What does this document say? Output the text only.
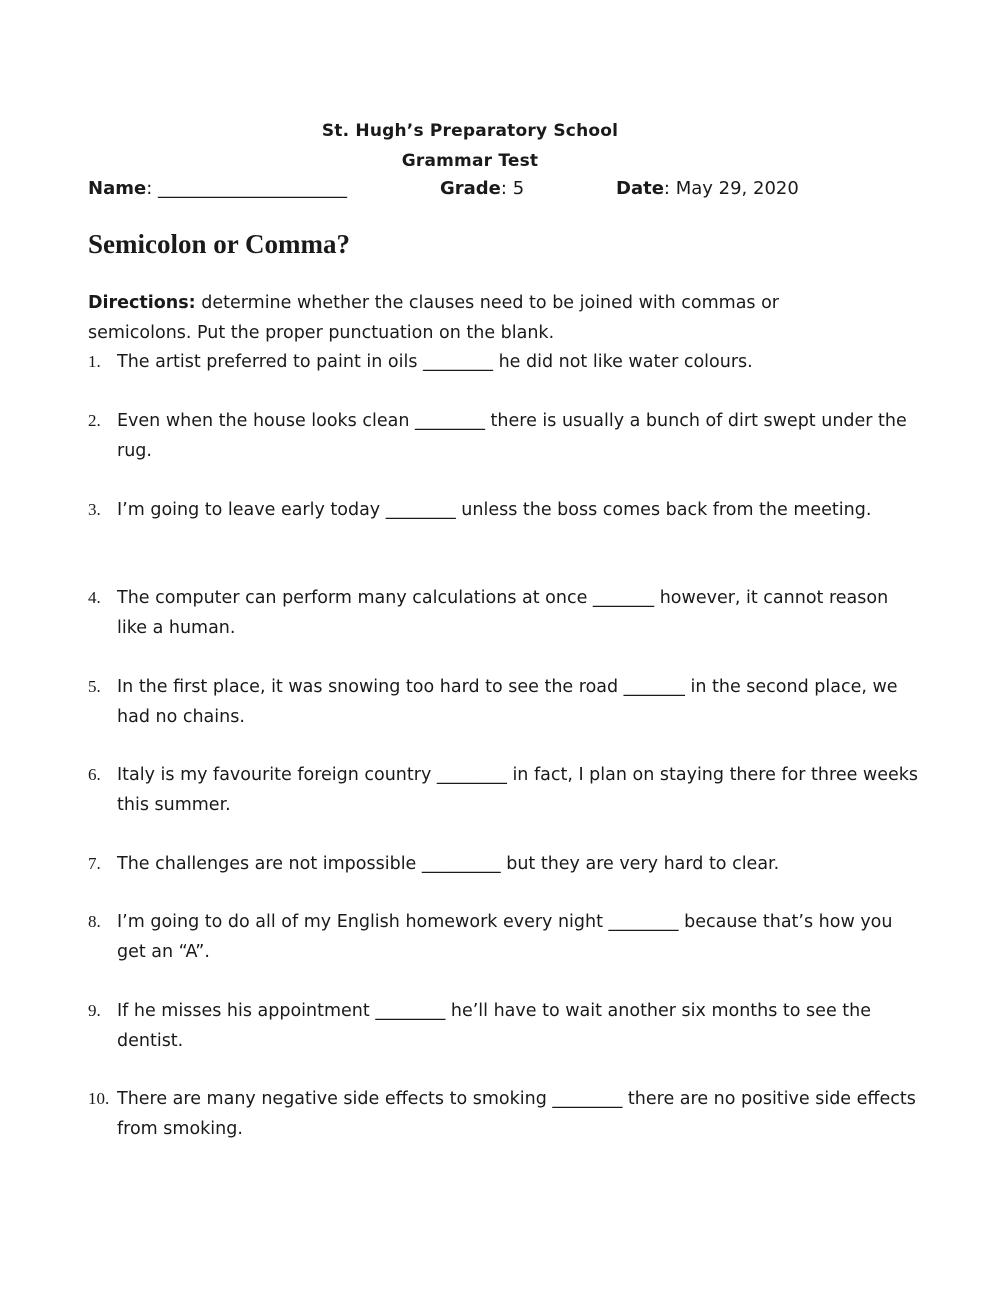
St. Hugh’s Preparatory School
Grammar Test
Name: _____________________	Grade: 5	Date: May 29, 2020
Semicolon or Comma?
Directions: determine whether the clauses need to be joined with commas or semicolons. Put the proper punctuation on the blank.
1. The artist preferred to paint in oils ________ he did not like water colours.
2. Even when the house looks clean ________ there is usually a bunch of dirt swept under the rug.
3. I’m going to leave early today ________ unless the boss comes back from the meeting.
4. The computer can perform many calculations at once _______ however, it cannot reason like a human.
5. In the first place, it was snowing too hard to see the road _______ in the second place, we had no chains.
6. Italy is my favourite foreign country ________ in fact, I plan on staying there for three weeks this summer.
7. The challenges are not impossible _________ but they are very hard to clear.
8. I’m going to do all of my English homework every night ________ because that’s how you get an “A”.
9. If he misses his appointment ________ he’ll have to wait another six months to see the dentist.
10. There are many negative side effects to smoking ________ there are no positive side effects from smoking.
